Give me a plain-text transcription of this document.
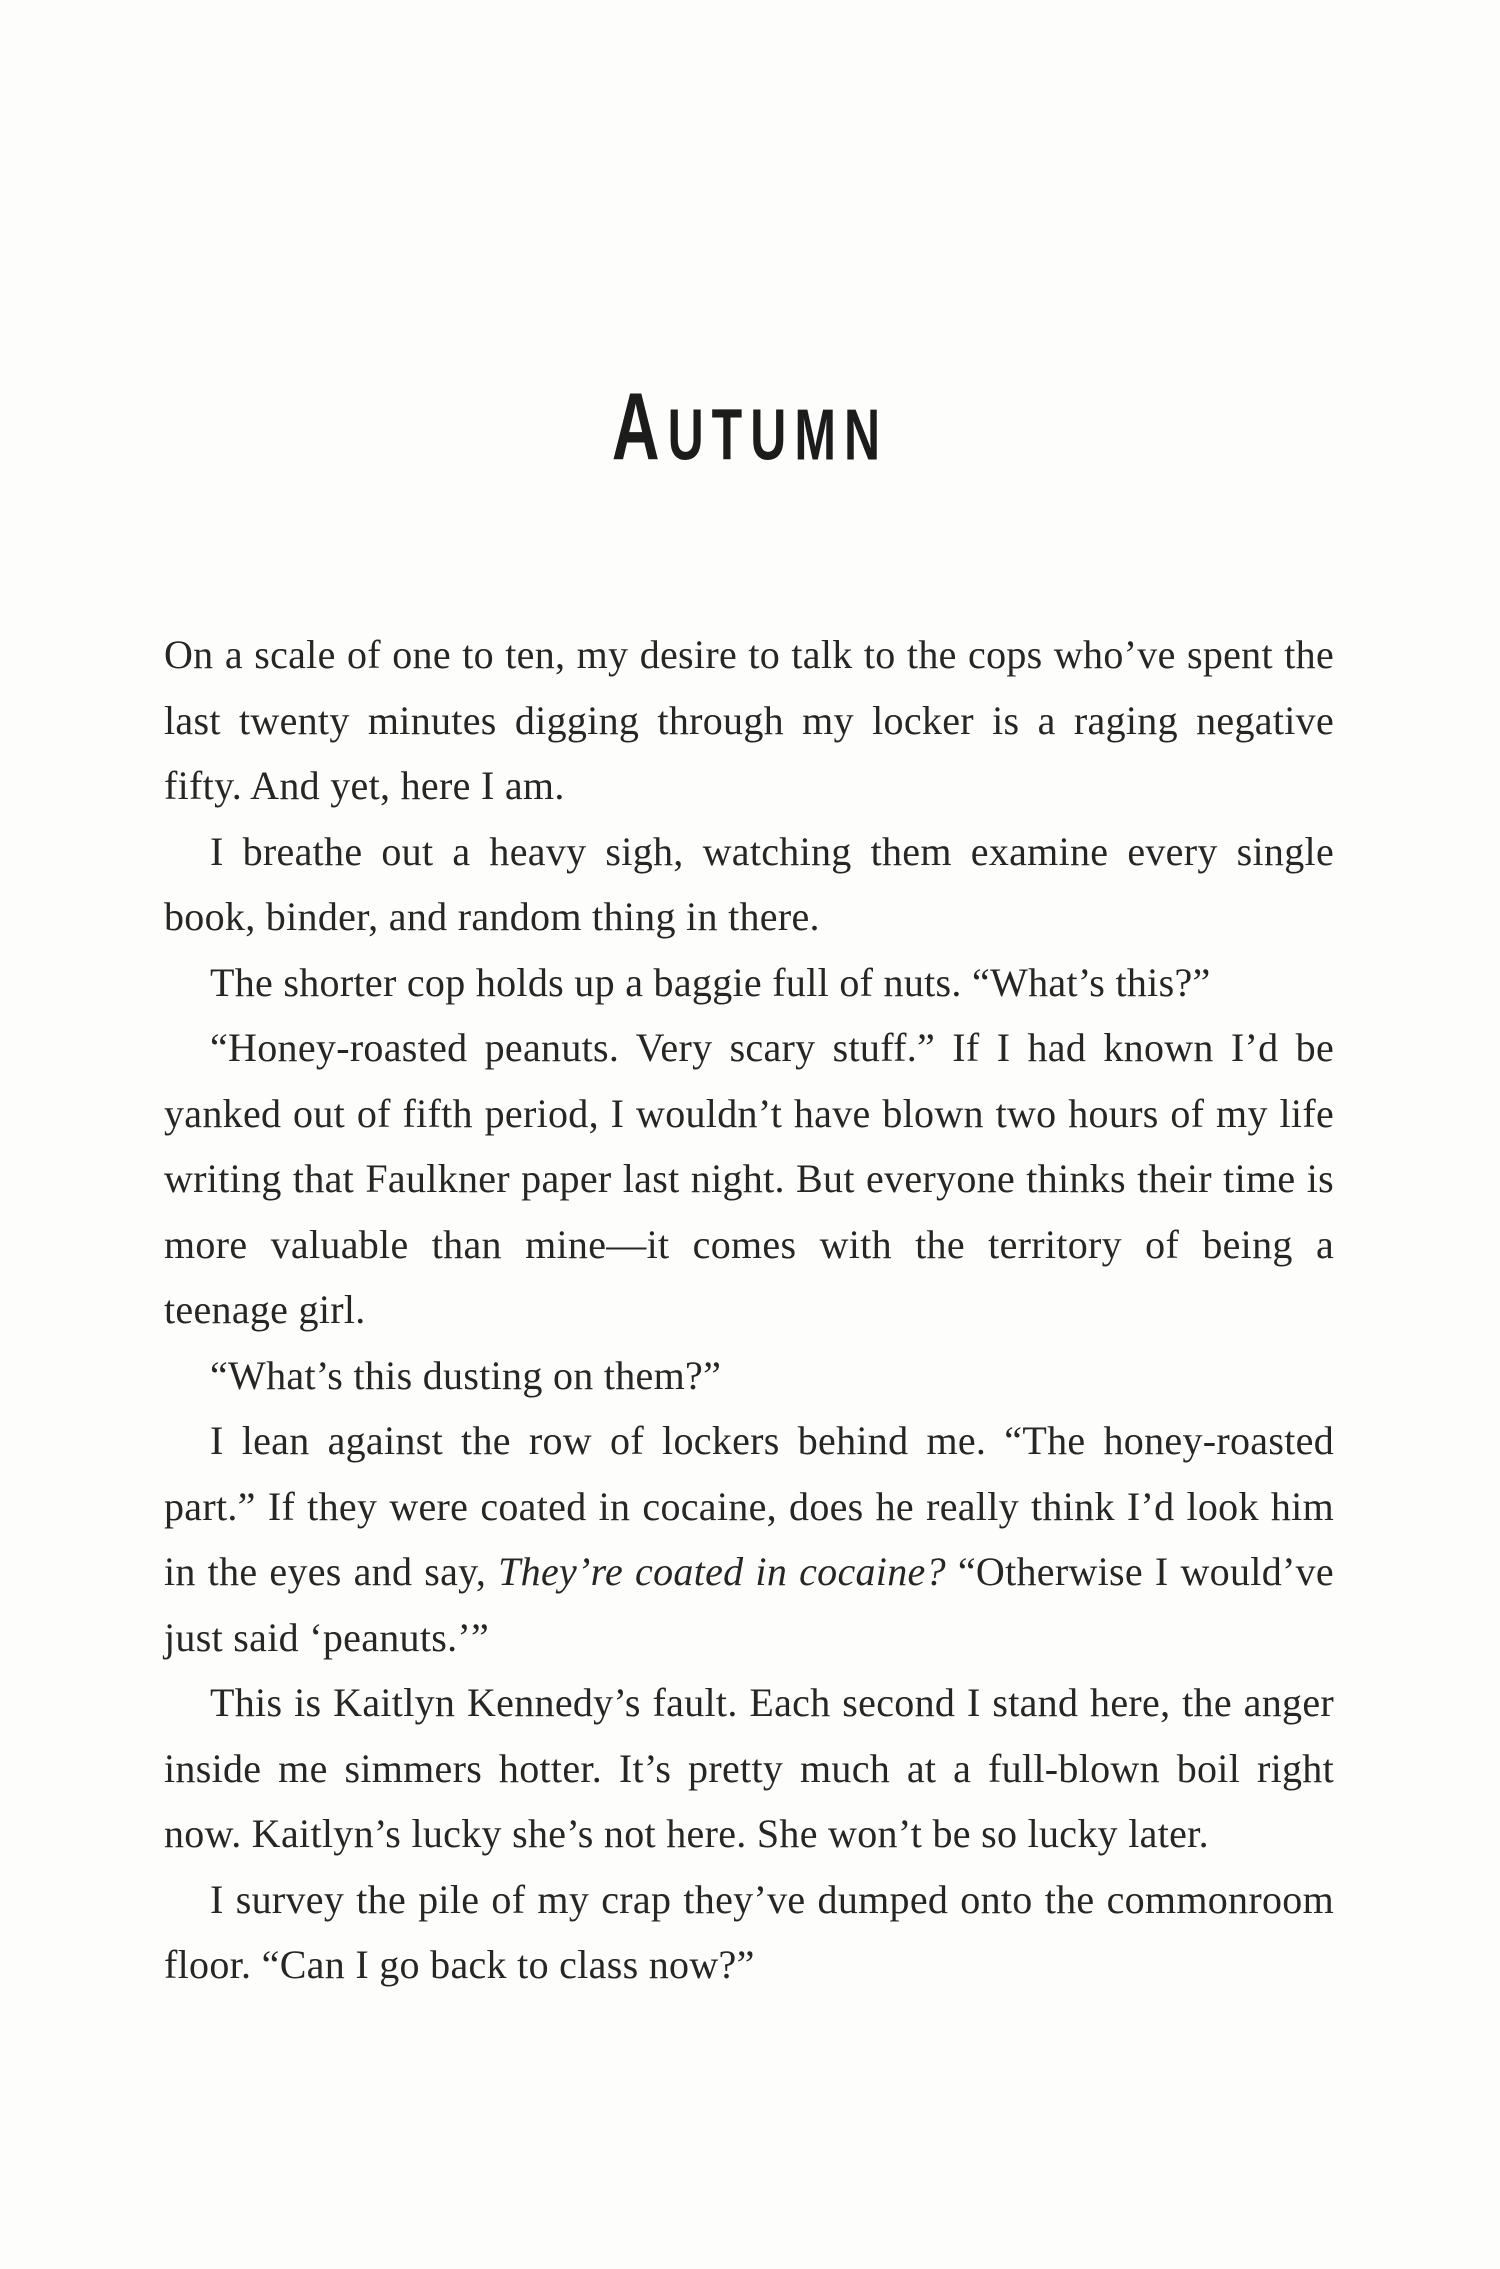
AUTUMN

On a scale of one to ten, my desire to talk to the cops who’ve spent the last twenty minutes digging through my locker is a raging negative fifty. And yet, here I am.

I breathe out a heavy sigh, watching them examine every single book, binder, and random thing in there.

The shorter cop holds up a baggie full of nuts. “What’s this?”

“Honey-roasted peanuts. Very scary stuff.” If I had known I’d be yanked out of fifth period, I wouldn’t have blown two hours of my life writing that Faulkner paper last night. But everyone thinks their time is more valuable than mine—it comes with the territory of being a teenage girl.

“What’s this dusting on them?”

I lean against the row of lockers behind me. “The honey-roasted part.” If they were coated in cocaine, does he really think I’d look him in the eyes and say, They’re coated in cocaine? “Otherwise I would’ve just said ‘peanuts.’”

This is Kaitlyn Kennedy’s fault. Each second I stand here, the anger inside me simmers hotter. It’s pretty much at a full-blown boil right now. Kaitlyn’s lucky she’s not here. She won’t be so lucky later.

I survey the pile of my crap they’ve dumped onto the commonroom floor. “Can I go back to class now?”
